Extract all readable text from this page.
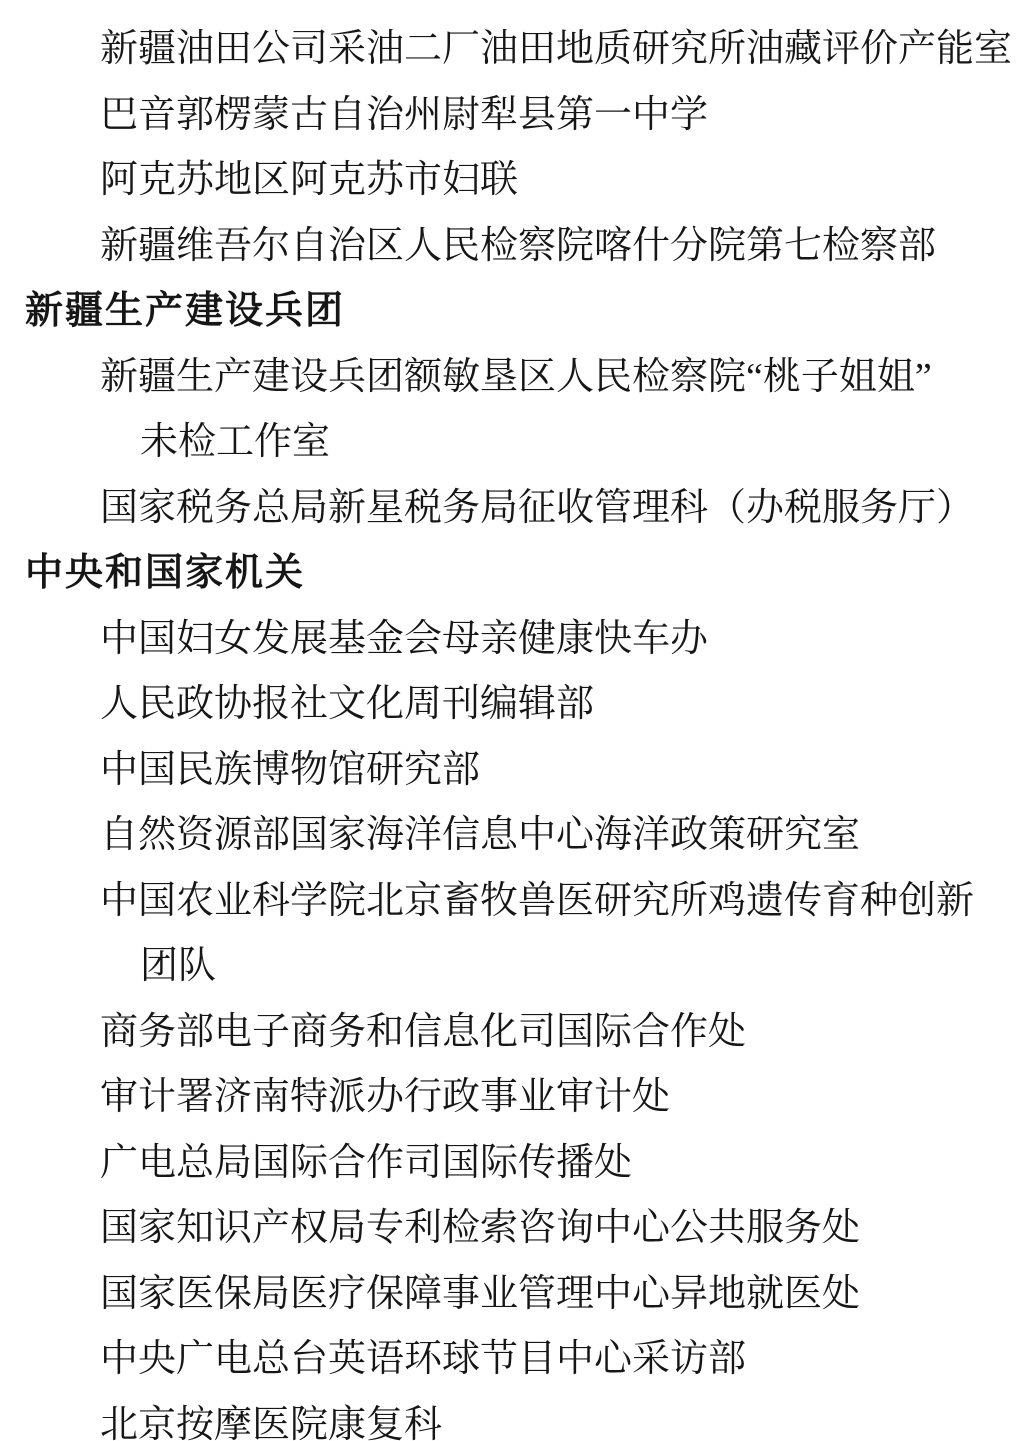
新疆油田公司采油二厂油田地质研究所油藏评价产能室
巴音郭楞蒙古自治州尉犁县第一中学
阿克苏地区阿克苏市妇联
新疆维吾尔自治区人民检察院喀什分院第七检察部
新疆生产建设兵团
新疆生产建设兵团额敏垦区人民检察院“桃子姐姐”
未检工作室
国家税务总局新星税务局征收管理科（办税服务厅）
中央和国家机关
中国妇女发展基金会母亲健康快车办
人民政协报社文化周刊编辑部
中国民族博物馆研究部
自然资源部国家海洋信息中心海洋政策研究室
中国农业科学院北京畜牧兽医研究所鸡遗传育种创新
团队
商务部电子商务和信息化司国际合作处
审计署济南特派办行政事业审计处
广电总局国际合作司国际传播处
国家知识产权局专利检索咨询中心公共服务处
国家医保局医疗保障事业管理中心异地就医处
中央广电总台英语环球节目中心采访部
北京按摩医院康复科
